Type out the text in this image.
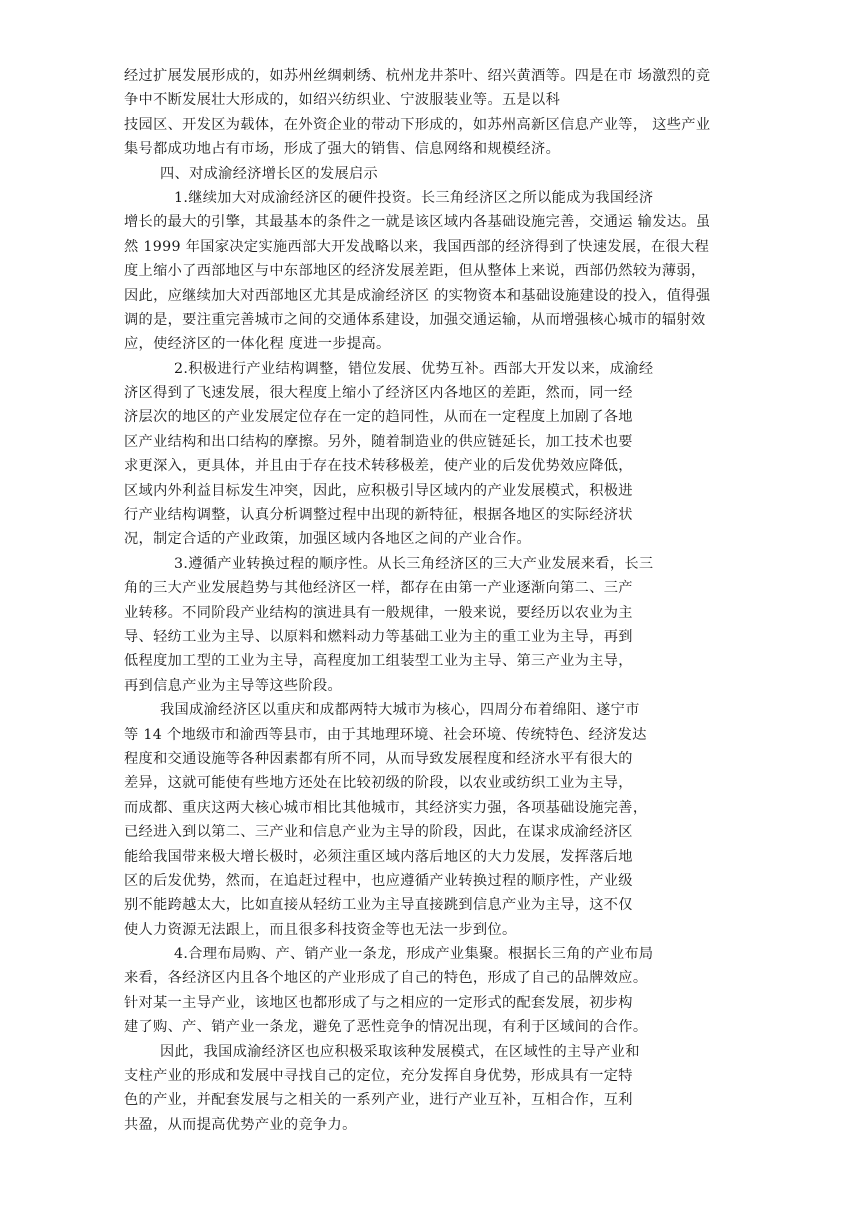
经过扩展发展形成的，如苏州丝绸刺绣、杭州龙井茶叶、绍兴黄酒等。四是在市 场激烈的竞
争中不断发展壮大形成的，如绍兴纺织业、宁波服装业等。五是以科
技园区、开发区为载体，在外资企业的带动下形成的，如苏州高新区信息产业等， 这些产业
集号都成功地占有市场，形成了强大的销售、信息网络和规模经济。
四、对成渝经济增长区的发展启示
1.继续加大对成渝经济区的硬件投资。长三角经济区之所以能成为我国经济
增长的最大的引擎，其最基本的条件之一就是该区域内各基础设施完善，交通运 输发达。虽
然 1999 年国家决定实施西部大开发战略以来，我国西部的经济得到了快速发展，在很大程
度上缩小了西部地区与中东部地区的经济发展差距，但从整体上来说，西部仍然较为薄弱，
因此，应继续加大对西部地区尤其是成渝经济区 的实物资本和基础设施建设的投入，值得强
调的是，要注重完善城市之间的交通体系建设，加强交通运输，从而增强核心城市的辐射效
应，使经济区的一体化程 度进一步提高。
2.积极进行产业结构调整，错位发展、优势互补。西部大开发以来，成渝经
济区得到了飞速发展，很大程度上缩小了经济区内各地区的差距，然而，同一经
济层次的地区的产业发展定位存在一定的趋同性，从而在一定程度上加剧了各地
区产业结构和出口结构的摩擦。另外，随着制造业的供应链延长，加工技术也要
求更深入，更具体，并且由于存在技术转移极差，使产业的后发优势效应降低，
区域内外利益目标发生冲突，因此，应积极引导区域内的产业发展模式，积极进
行产业结构调整，认真分析调整过程中出现的新特征，根据各地区的实际经济状
况，制定合适的产业政策，加强区域内各地区之间的产业合作。
3.遵循产业转换过程的顺序性。从长三角经济区的三大产业发展来看，长三
角的三大产业发展趋势与其他经济区一样，都存在由第一产业逐渐向第二、三产
业转移。不同阶段产业结构的演进具有一般规律，一般来说，要经历以农业为主
导、轻纺工业为主导、以原料和燃料动力等基础工业为主的重工业为主导，再到
低程度加工型的工业为主导，高程度加工组装型工业为主导、第三产业为主导，
再到信息产业为主导等这些阶段。
我国成渝经济区以重庆和成都两特大城市为核心，四周分布着绵阳、遂宁市
等 14 个地级市和渝西等县市，由于其地理环境、社会环境、传统特色、经济发达
程度和交通设施等各种因素都有所不同，从而导致发展程度和经济水平有很大的
差异，这就可能使有些地方还处在比较初级的阶段，以农业或纺织工业为主导，
而成都、重庆这两大核心城市相比其他城市，其经济实力强，各项基础设施完善，
已经进入到以第二、三产业和信息产业为主导的阶段，因此，在谋求成渝经济区
能给我国带来极大增长极时，必须注重区域内落后地区的大力发展，发挥落后地
区的后发优势，然而，在追赶过程中，也应遵循产业转换过程的顺序性，产业级
别不能跨越太大，比如直接从轻纺工业为主导直接跳到信息产业为主导，这不仅
使人力资源无法跟上，而且很多科技资金等也无法一步到位。
4.合理布局购、产、销产业一条龙，形成产业集聚。根据长三角的产业布局
来看，各经济区内且各个地区的产业形成了自己的特色，形成了自己的品牌效应。
针对某一主导产业，该地区也都形成了与之相应的一定形式的配套发展，初步构
建了购、产、销产业一条龙，避免了恶性竞争的情况出现，有利于区域间的合作。
因此，我国成渝经济区也应积极采取该种发展模式，在区域性的主导产业和
支柱产业的形成和发展中寻找自己的定位，充分发挥自身优势，形成具有一定特
色的产业，并配套发展与之相关的一系列产业，进行产业互补，互相合作，互利
共盈，从而提高优势产业的竞争力。
